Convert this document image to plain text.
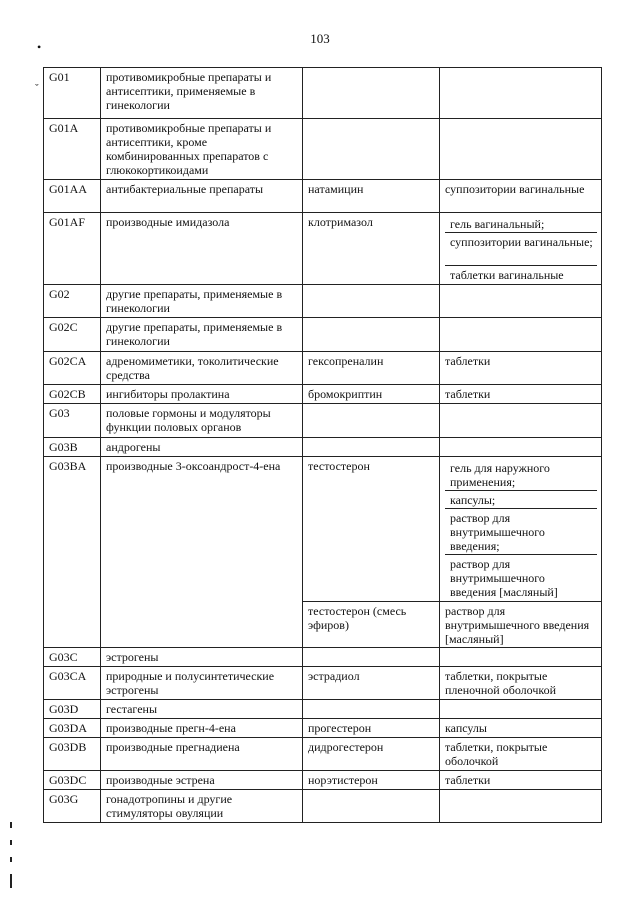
103
•
ˬ G01	противомикробные препараты и антисептики, применяемые в гинекологии		
G01A	противомикробные препараты и антисептики, кроме комбинированных препаратов с глюкокортикоидами		
G01AA	антибактериальные препараты	натамицин	суппозитории вагинальные
G01AF	производные имидазола	клотримазол	гель вагинальный;
суппозитории вагинальные;
таблетки вагинальные

G02	другие препараты, применяемые в гинекологии		
G02C	другие препараты, применяемые в гинекологии		
G02CA	адреномиметики, токолитические средства	гексопреналин	таблетки
G02CB	ингибиторы пролактина	бромокриптин	таблетки
G03	половые гормоны и модуляторы функции половых органов		
G03B	андрогены		
G03BA	производные 3-оксоандрост-4-ена	тестостерон	гель для наружного применения;
капсулы;
раствор для внутримышечного введения;
раствор для внутримышечного введения [масляный]

		тестостерон (смесь эфиров)	раствор для внутримышечного введения [масляный]
G03C	эстрогены		
G03CA	природные и полусинтетические эстрогены	эстрадиол	таблетки, покрытые пленочной оболочкой
G03D	гестагены		
G03DA	производные прегн-4-ена	прогестерон	капсулы
G03DB	производные прегнадиена	дидрогестерон	таблетки, покрытые оболочкой
G03DC	производные эстрена	норэтистерон	таблетки
G03G	гонадотропины и другие стимуляторы овуляции		
